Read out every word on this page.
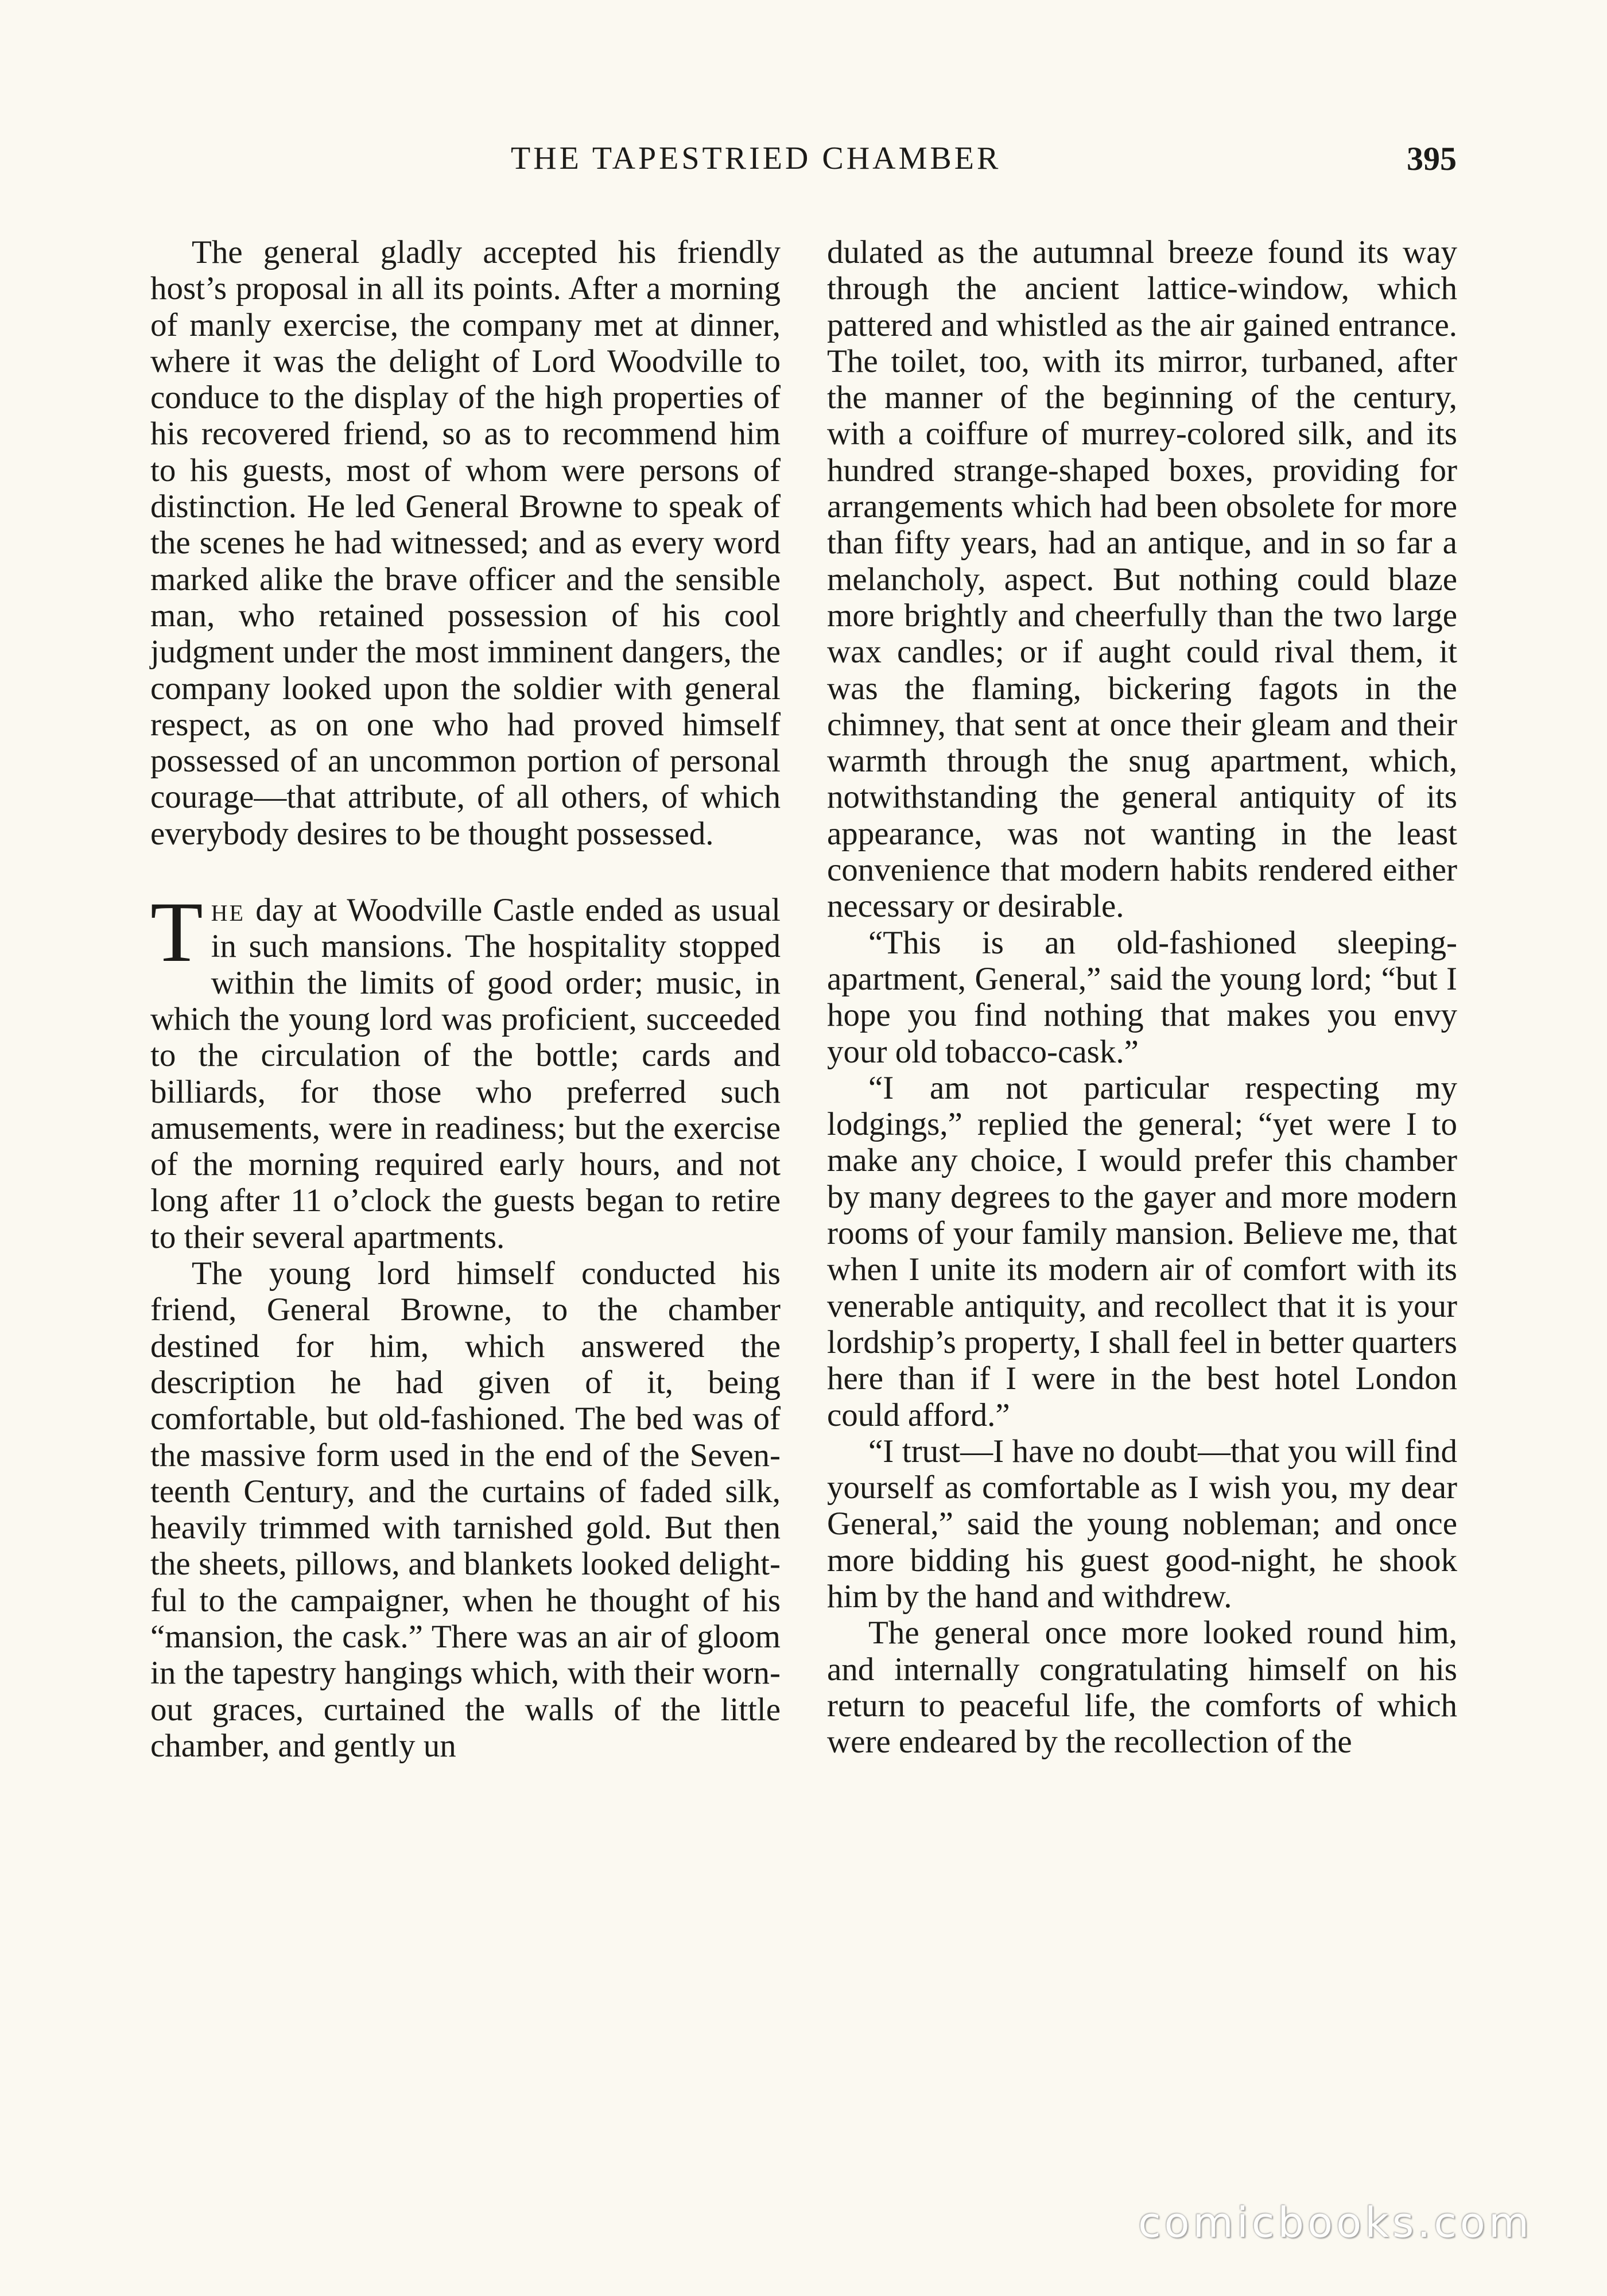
THE TAPESTRIED CHAMBER	395

The general gladly accepted his friendly host’s proposal in all its points. After a morning of manly exercise, the company met at dinner, where it was the delight of Lord Woodville to conduce to the display of the high properties of his recovered friend, so as to recommend him to his guests, most of whom were persons of distinction. He led General Browne to speak of the scenes he had witnessed; and as every word marked alike the brave officer and the sensible man, who retained possession of his cool judgment under the most imminent dangers, the company looked upon the soldier with general respect, as on one who had proved himself possessed of an uncommon portion of personal courage—that attribute, of all others, of which everybody desires to be thought possessed.

The day at Woodville Castle ended as usual in such mansions. The hospitality stopped within the limits of good order; music, in which the young lord was proficient, succeeded to the circulation of the bottle; cards and billiards, for those who preferred such amusements, were in readiness; but the exercise of the morning required early hours, and not long after 11 o’clock the guests began to retire to their several apartments.

The young lord himself conducted his friend, General Browne, to the chamber destined for him, which answered the description he had given of it, being comfortable, but old-fashioned. The bed was of the massive form used in the end of the Seventeenth Century, and the curtains of faded silk, heavily trimmed with tarnished gold. But then the sheets, pillows, and blankets looked delightful to the campaigner, when he thought of his “mansion, the cask.” There was an air of gloom in the tapestry hangings which, with their worn-out graces, curtained the walls of the little chamber, and gently un

dulated as the autumnal breeze found its way through the ancient lattice-window, which pattered and whistled as the air gained entrance. The toilet, too, with its mirror, turbaned, after the manner of the beginning of the century, with a coiffure of murrey-colored silk, and its hundred strange-shaped boxes, providing for arrangements which had been obsolete for more than fifty years, had an antique, and in so far a melancholy, aspect. But nothing could blaze more brightly and cheerfully than the two large wax candles; or if aught could rival them, it was the flaming, bickering fagots in the chimney, that sent at once their gleam and their warmth through the snug apartment, which, notwithstanding the general antiquity of its appearance, was not wanting in the least convenience that modern habits rendered either necessary or desirable.

“This is an old-fashioned sleeping-apartment, General,” said the young lord; “but I hope you find nothing that makes you envy your old tobacco-cask.”

“I am not particular respecting my lodgings,” replied the general; “yet were I to make any choice, I would prefer this chamber by many degrees to the gayer and more modern rooms of your family mansion. Believe me, that when I unite its modern air of comfort with its venerable antiquity, and recollect that it is your lordship’s property, I shall feel in better quarters here than if I were in the best hotel London could afford.”

“I trust—I have no doubt—that you will find yourself as comfortable as I wish you, my dear General,” said the young nobleman; and once more bidding his guest good-night, he shook him by the hand and withdrew.

The general once more looked round him, and internally congratulating himself on his return to peaceful life, the comforts of which were endeared by the recollection of the

comicbooks.com
